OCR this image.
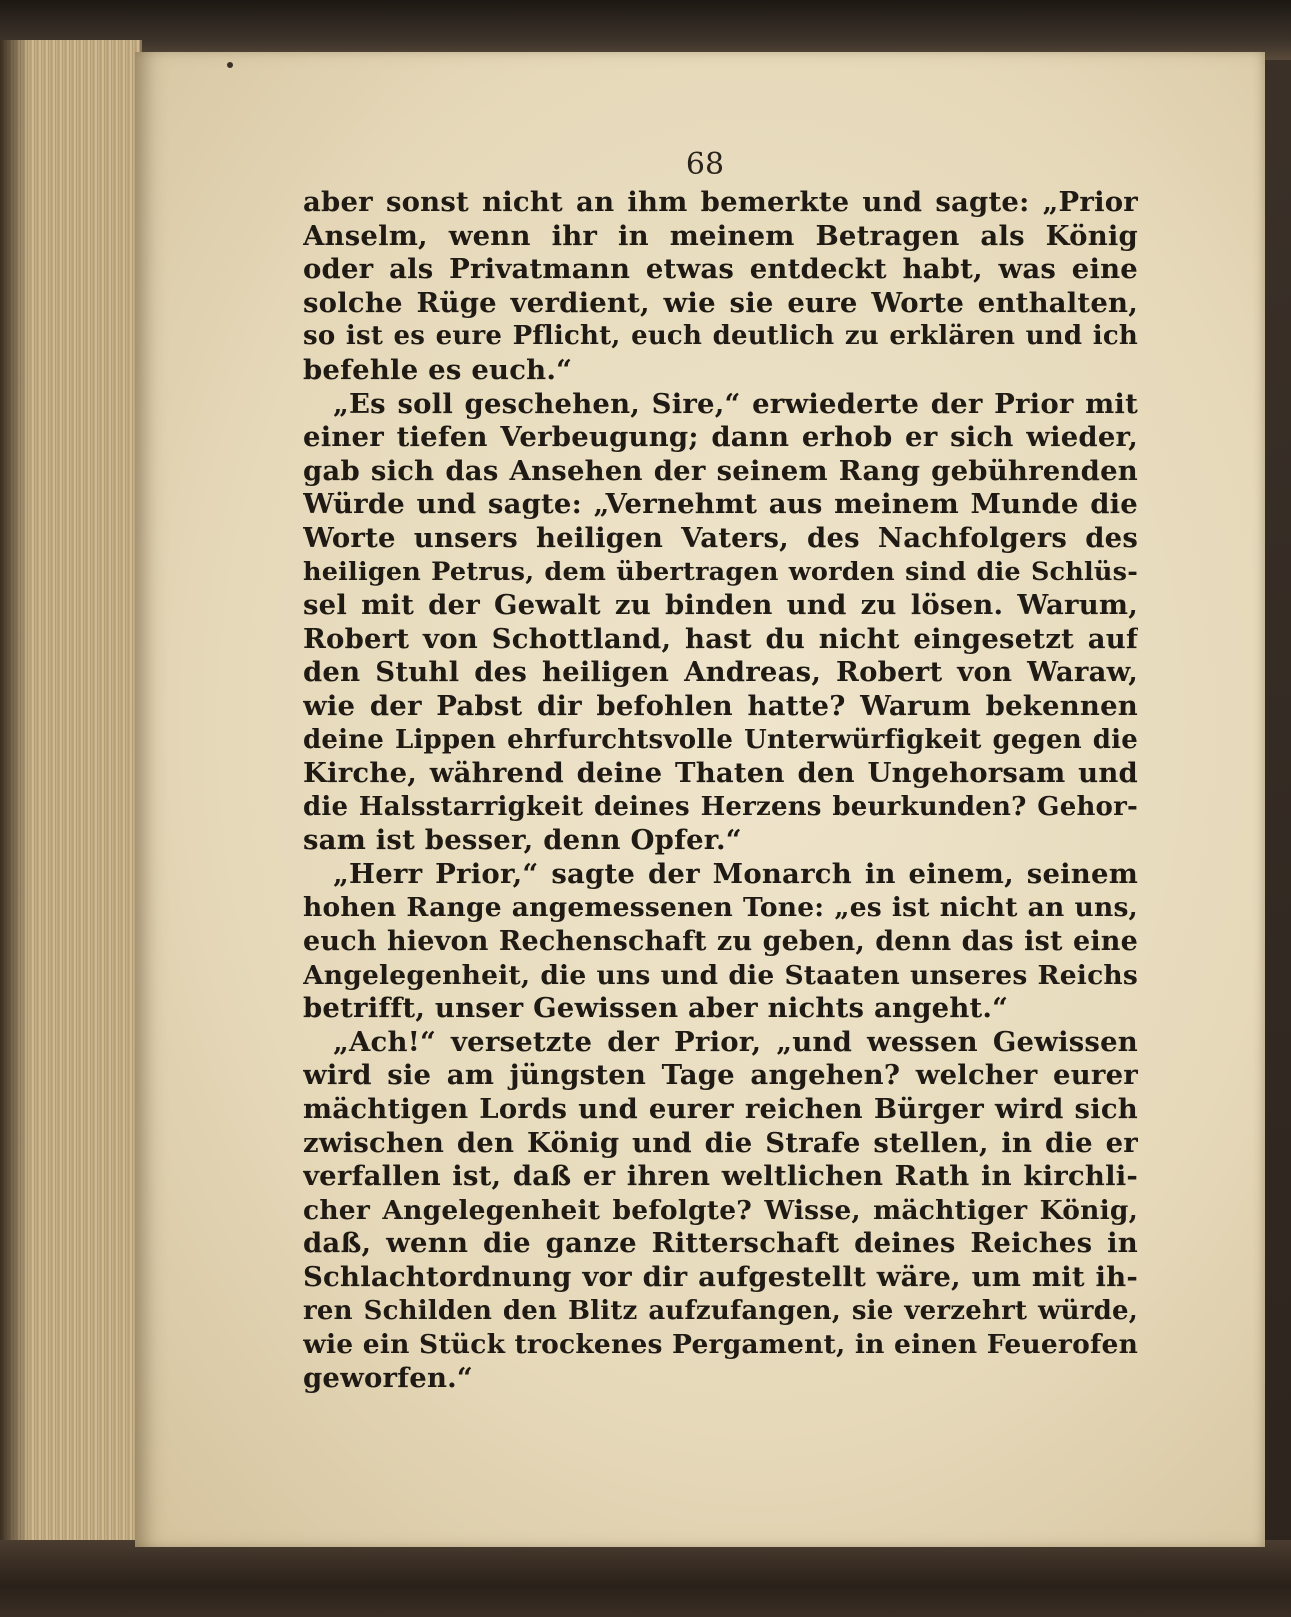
68
aber sonst nicht an ihm bemerkte und sagte: „Prior
Anselm, wenn ihr in meinem Betragen als König
oder als Privatmann etwas entdeckt habt, was eine
solche Rüge verdient, wie sie eure Worte enthalten,
so ist es eure Pflicht, euch deutlich zu erklären und ich
befehle es euch.“
„Es soll geschehen, Sire,“ erwiederte der Prior mit
einer tiefen Verbeugung; dann erhob er sich wieder,
gab sich das Ansehen der seinem Rang gebührenden
Würde und sagte: „Vernehmt aus meinem Munde die
Worte unsers heiligen Vaters, des Nachfolgers des
heiligen Petrus, dem übertragen worden sind die Schlüs-
sel mit der Gewalt zu binden und zu lösen. Warum,
Robert von Schottland, hast du nicht eingesetzt auf
den Stuhl des heiligen Andreas, Robert von Waraw,
wie der Pabst dir befohlen hatte? Warum bekennen
deine Lippen ehrfurchtsvolle Unterwürfigkeit gegen die
Kirche, während deine Thaten den Ungehorsam und
die Halsstarrigkeit deines Herzens beurkunden? Gehor-
sam ist besser, denn Opfer.“
„Herr Prior,“ sagte der Monarch in einem, seinem
hohen Range angemessenen Tone: „es ist nicht an uns,
euch hievon Rechenschaft zu geben, denn das ist eine
Angelegenheit, die uns und die Staaten unseres Reichs
betrifft, unser Gewissen aber nichts angeht.“
„Ach!“ versetzte der Prior, „und wessen Gewissen
wird sie am jüngsten Tage angehen? welcher eurer
mächtigen Lords und eurer reichen Bürger wird sich
zwischen den König und die Strafe stellen, in die er
verfallen ist, daß er ihren weltlichen Rath in kirchli-
cher Angelegenheit befolgte? Wisse, mächtiger König,
daß, wenn die ganze Ritterschaft deines Reiches in
Schlachtordnung vor dir aufgestellt wäre, um mit ih-
ren Schilden den Blitz aufzufangen, sie verzehrt würde,
wie ein Stück trockenes Pergament, in einen Feuerofen
geworfen.“
